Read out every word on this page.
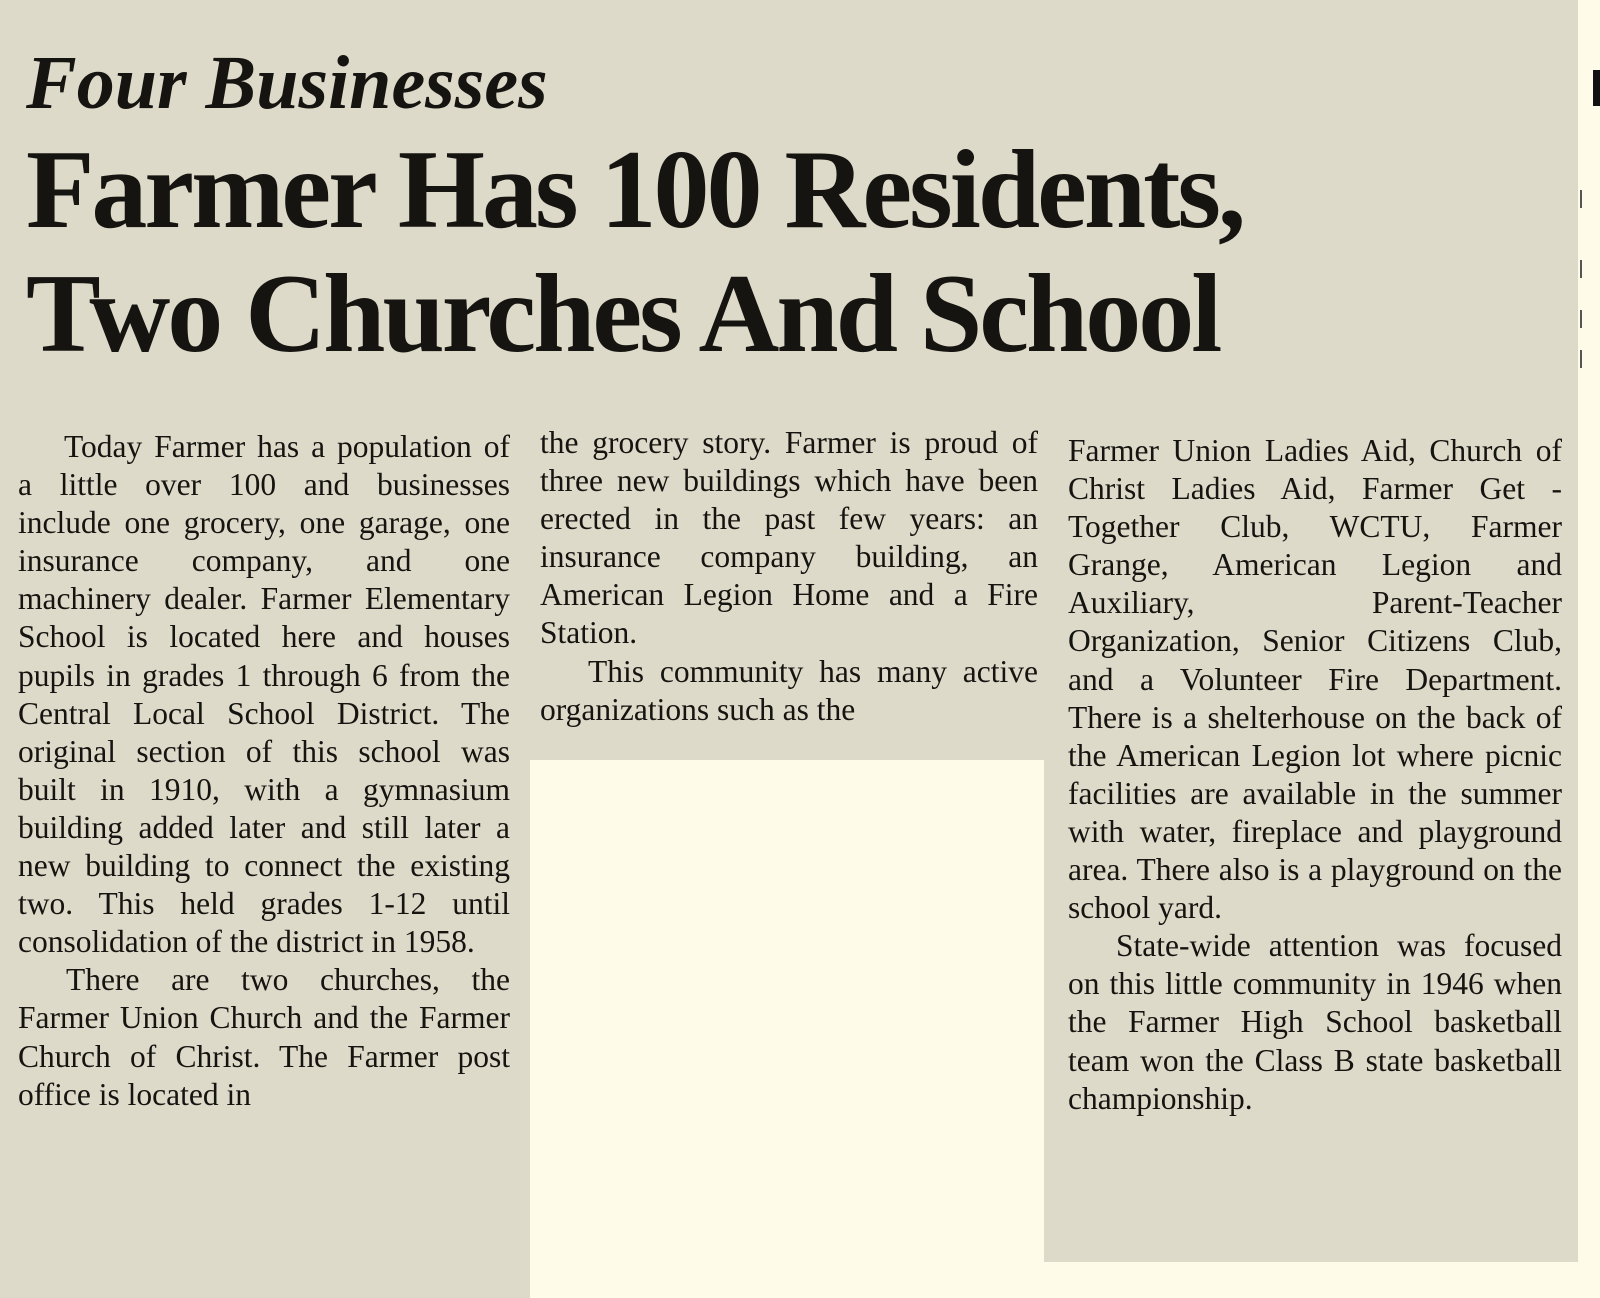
Four Businesses
Farmer Has 100 Residents,
Two Churches And School

Today Farmer has a population of a little over 100 and businesses include one grocery, one garage, one insurance company, and one machinery dealer. Farmer Elementary School is located here and houses pupils in grades 1 through 6 from the Central Local School District. The original section of this school was built in 1910, with a gymnasium building added later and still later a new building to connect the existing two. This held grades 1-12 until consolidation of the district in 1958.

There are two churches, the Farmer Union Church and the Farmer Church of Christ. The Farmer post office is located in

the grocery story. Farmer is proud of three new buildings which have been erected in the past few years: an insurance company building, an American Legion Home and a Fire Station.

This community has many active organizations such as the

Farmer Union Ladies Aid, Church of Christ Ladies Aid, Farmer Get - Together Club, WCTU, Farmer Grange, American Legion and Auxiliary, Parent-Teacher Organization, Senior Citizens Club, and a Volunteer Fire Department. There is a shelterhouse on the back of the American Legion lot where picnic facilities are available in the summer with water, fireplace and playground area. There also is a playground on the school yard.

State-wide attention was focused on this little community in 1946 when the Farmer High School basketball team won the Class B state basketball championship.
